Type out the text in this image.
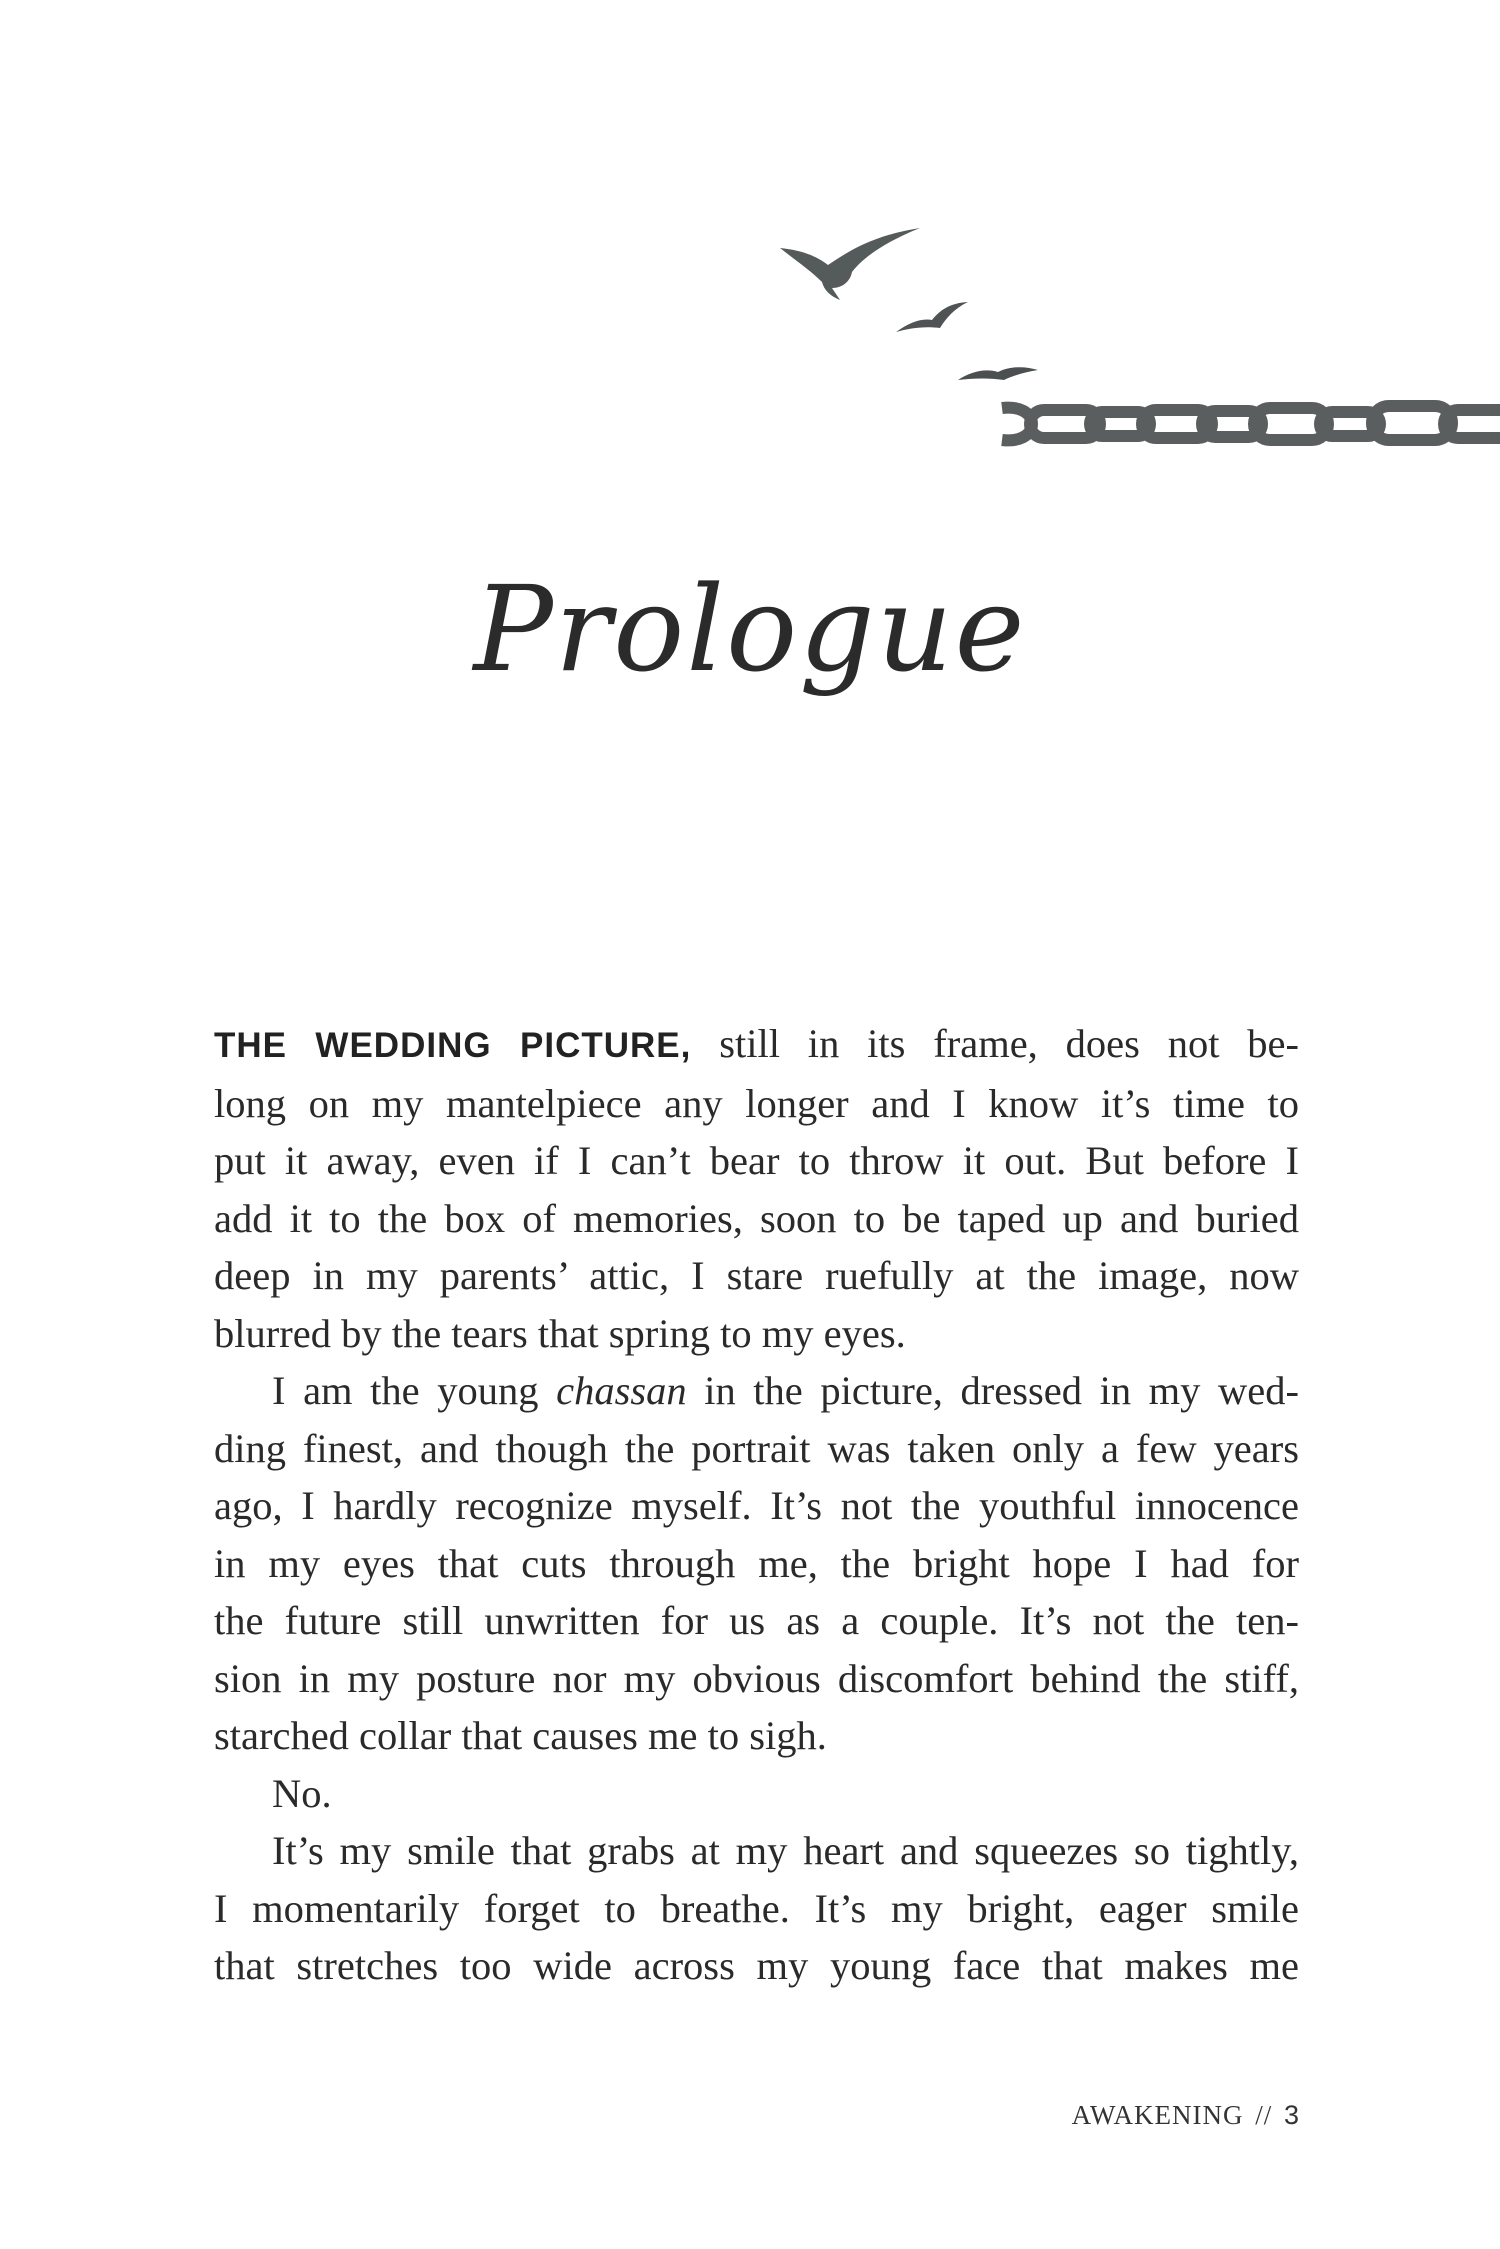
Prologue
THE WEDDING PICTURE, still in its frame, does not be-
long on my mantelpiece any longer and I know it’s time to
put it away, even if I can’t bear to throw it out. But before I
add it to the box of memories, soon to be taped up and buried
deep in my parents’ attic, I stare ruefully at the image, now
blurred by the tears that spring to my eyes.
I am the young chassan in the picture, dressed in my wed-
ding finest, and though the portrait was taken only a few years
ago, I hardly recognize myself. It’s not the youthful innocence
in my eyes that cuts through me, the bright hope I had for
the future still unwritten for us as a couple. It’s not the ten-
sion in my posture nor my obvious discomfort behind the stiff,
starched collar that causes me to sigh.
No.
It’s my smile that grabs at my heart and squeezes so tightly,
I momentarily forget to breathe. It’s my bright, eager smile
that stretches too wide across my young face that makes me
AWAKENING // 3
